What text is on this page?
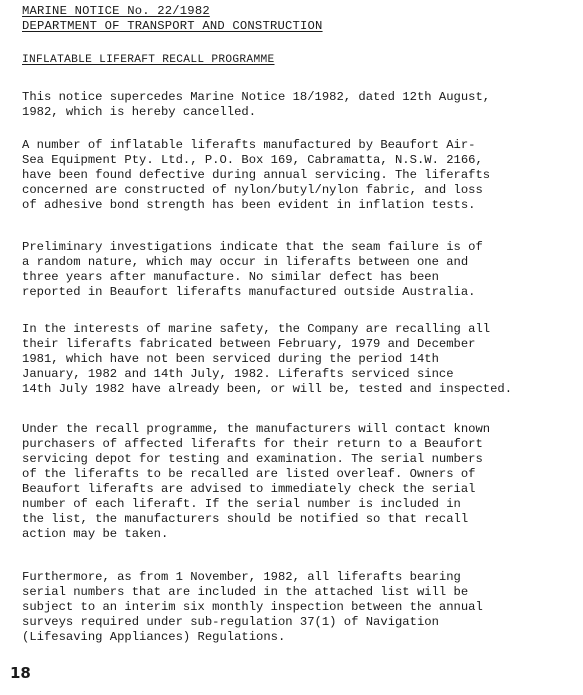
MARINE NOTICE No. 22/1982
DEPARTMENT OF TRANSPORT AND CONSTRUCTION
INFLATABLE LIFERAFT RECALL PROGRAMME

This notice supercedes Marine Notice 18/1982, dated 12th August,
1982, which is hereby cancelled.

A number of inflatable liferafts manufactured by Beaufort Air-
Sea Equipment Pty. Ltd., P.O. Box 169, Cabramatta, N.S.W. 2166,
have been found defective during annual servicing. The liferafts
concerned are constructed of nylon/butyl/nylon fabric, and loss
of adhesive bond strength has been evident in inflation tests.

Preliminary investigations indicate that the seam failure is of
a random nature, which may occur in liferafts between one and
three years after manufacture. No similar defect has been
reported in Beaufort liferafts manufactured outside Australia.

In the interests of marine safety, the Company are recalling all
their liferafts fabricated between February, 1979 and December
1981, which have not been serviced during the period 14th
January, 1982 and 14th July, 1982. Liferafts serviced since
14th July 1982 have already been, or will be, tested and inspected.

Under the recall programme, the manufacturers will contact known
purchasers of affected liferafts for their return to a Beaufort
servicing depot for testing and examination. The serial numbers
of the liferafts to be recalled are listed overleaf. Owners of
Beaufort liferafts are advised to immediately check the serial
number of each liferaft. If the serial number is included in
the list, the manufacturers should be notified so that recall
action may be taken.

Furthermore, as from 1 November, 1982, all liferafts bearing
serial numbers that are included in the attached list will be
subject to an interim six monthly inspection between the annual
surveys required under sub-regulation 37(1) of Navigation
(Lifesaving Appliances) Regulations.

18
